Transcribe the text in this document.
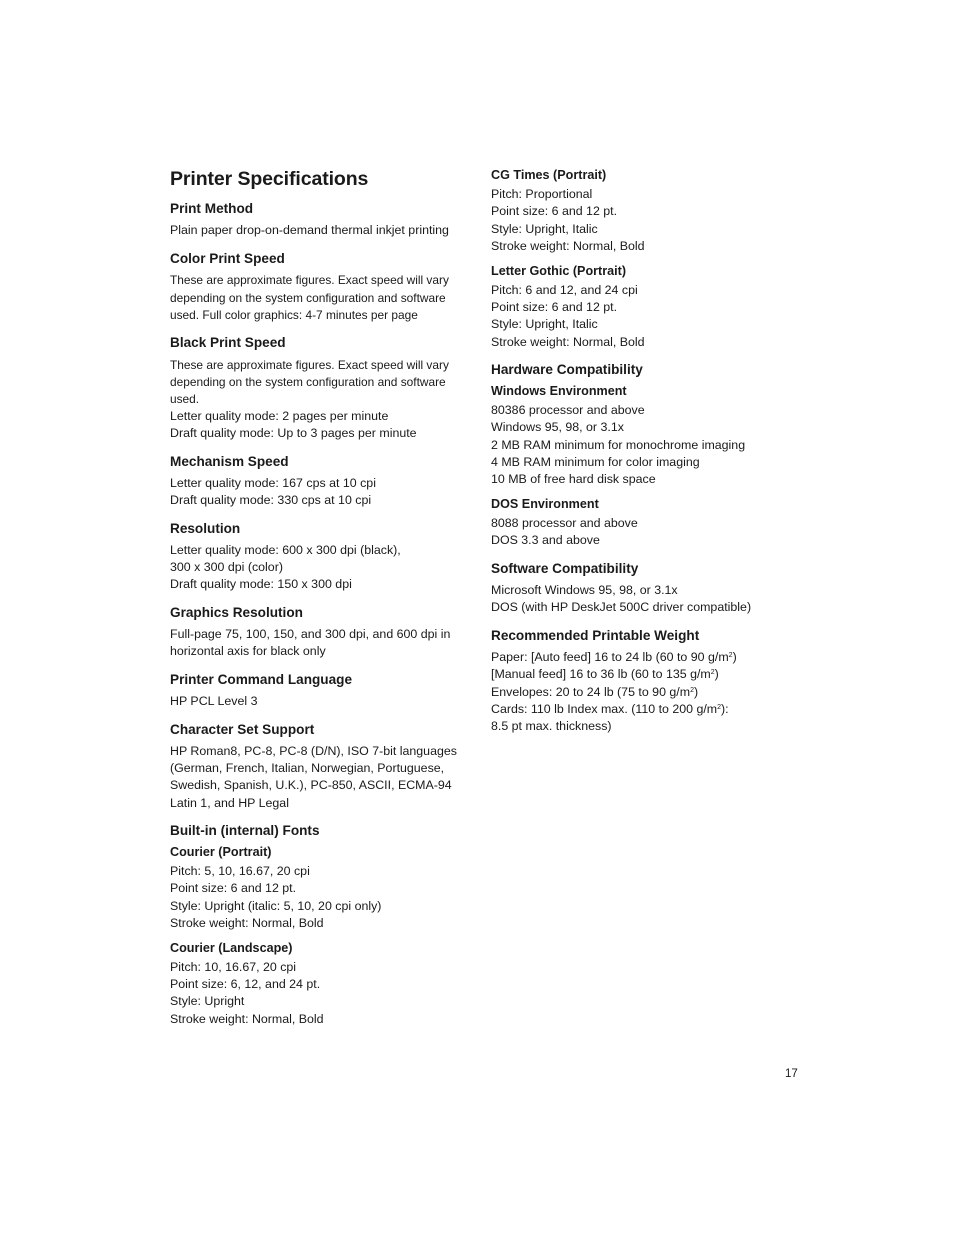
Printer Specifications
Print Method

Plain paper drop-on-demand thermal inkjet printing

Color Print Speed

These are approximate figures. Exact speed will vary

depending on the system configuration and software

used. Full color graphics: 4-7 minutes per page

Black Print Speed

These are approximate figures. Exact speed will vary

depending on the system configuration and software

used.

Letter quality mode: 2 pages per minute

Draft quality mode: Up to 3 pages per minute

Mechanism Speed

Letter quality mode: 167 cps at 10 cpi

Draft quality mode: 330 cps at 10 cpi

Resolution

Letter quality mode: 600 x 300 dpi (black),

300 x 300 dpi (color)

Draft quality mode: 150 x 300 dpi

Graphics Resolution

Full-page 75, 100, 150, and 300 dpi, and 600 dpi in

horizontal axis for black only

Printer Command Language

HP PCL Level 3

Character Set Support

HP Roman8, PC-8, PC-8 (D/N), ISO 7-bit languages

(German, French, Italian, Norwegian, Portuguese,

Swedish, Spanish, U.K.), PC-850, ASCII, ECMA-94

Latin 1, and HP Legal

Built-in (internal) Fonts
Courier (Portrait)

Pitch: 5, 10, 16.67, 20 cpi

Point size: 6 and 12 pt.

Style: Upright (italic: 5, 10, 20 cpi only)

Stroke weight: Normal, Bold

Courier (Landscape)

Pitch: 10, 16.67, 20 cpi

Point size: 6, 12, and 24 pt.

Style: Upright

Stroke weight: Normal, Bold

CG Times (Portrait)

Pitch: Proportional

Point size: 6 and 12 pt.

Style: Upright, Italic

Stroke weight: Normal, Bold

Letter Gothic (Portrait)

Pitch: 6 and 12, and 24 cpi

Point size: 6 and 12 pt.

Style: Upright, Italic

Stroke weight: Normal, Bold

Hardware Compatibility
Windows Environment

80386 processor and above

Windows 95, 98, or 3.1x

2 MB RAM minimum for monochrome imaging

4 MB RAM minimum for color imaging

10 MB of free hard disk space

DOS Environment

8088 processor and above

DOS 3.3 and above

Software Compatibility

Microsoft Windows 95, 98, or 3.1x

DOS (with HP DeskJet 500C driver compatible)

Recommended Printable Weight

Paper: [Auto feed] 16 to 24 lb (60 to 90 $g/m^2$)

[Manual feed] 16 to 36 lb (60 to 135 $g/m^2$)

Envelopes: 20 to 24 lb (75 to 90 $g/m^2$)

Cards: 110 lb Index max. (110 to 200 $g/m^2$):

8.5 pt max. thickness)

17
